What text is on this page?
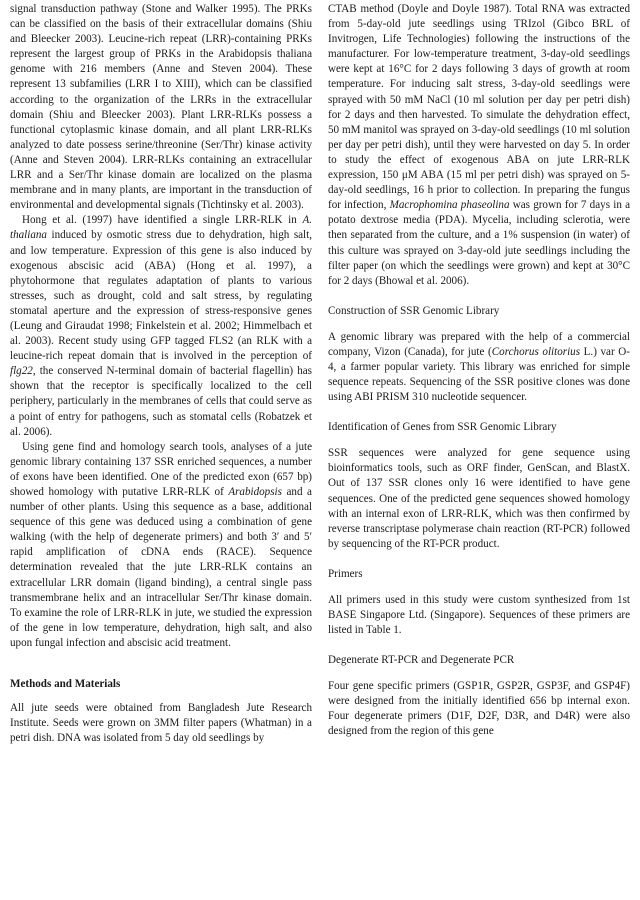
signal transduction pathway (Stone and Walker 1995). The PRKs can be classified on the basis of their extracellular domains (Shiu and Bleecker 2003). Leucine-rich repeat (LRR)-containing PRKs represent the largest group of PRKs in the Arabidopsis thaliana genome with 216 members (Anne and Steven 2004). These represent 13 subfamilies (LRR I to XIII), which can be classified according to the organization of the LRRs in the extracellular domain (Shiu and Bleecker 2003). Plant LRR-RLKs possess a functional cytoplasmic kinase domain, and all plant LRR-RLKs analyzed to date possess serine/threonine (Ser/Thr) kinase activity (Anne and Steven 2004). LRR-RLKs containing an extracellular LRR and a Ser/Thr kinase domain are localized on the plasma membrane and in many plants, are important in the transduction of environmental and developmental signals (Tichtinsky et al. 2003).

Hong et al. (1997) have identified a single LRR-RLK in A. thaliana induced by osmotic stress due to dehydration, high salt, and low temperature. Expression of this gene is also induced by exogenous abscisic acid (ABA) (Hong et al. 1997), a phytohormone that regulates adaptation of plants to various stresses, such as drought, cold and salt stress, by regulating stomatal aperture and the expression of stress-responsive genes (Leung and Giraudat 1998; Finkelstein et al. 2002; Himmelbach et al. 2003). Recent study using GFP tagged FLS2 (an RLK with a leucine-rich repeat domain that is involved in the perception of flg22, the conserved N-terminal domain of bacterial flagellin) has shown that the receptor is specifically localized to the cell periphery, particularly in the membranes of cells that could serve as a point of entry for pathogens, such as stomatal cells (Robatzek et al. 2006).

Using gene find and homology search tools, analyses of a jute genomic library containing 137 SSR enriched sequences, a number of exons have been identified. One of the predicted exon (657 bp) showed homology with putative LRR-RLK of Arabidopsis and a number of other plants. Using this sequence as a base, additional sequence of this gene was deduced using a combination of gene walking (with the help of degenerate primers) and both 3′ and 5′ rapid amplification of cDNA ends (RACE). Sequence determination revealed that the jute LRR-RLK contains an extracellular LRR domain (ligand binding), a central single pass transmembrane helix and an intracellular Ser/Thr kinase domain. To examine the role of LRR-RLK in jute, we studied the expression of the gene in low temperature, dehydration, high salt, and also upon fungal infection and abscisic acid treatment.

Methods and Materials

All jute seeds were obtained from Bangladesh Jute Research Institute. Seeds were grown on 3MM filter papers (Whatman) in a petri dish. DNA was isolated from 5 day old seedlings by

CTAB method (Doyle and Doyle 1987). Total RNA was extracted from 5-day-old jute seedlings using TRIzol (Gibco BRL of Invitrogen, Life Technologies) following the instructions of the manufacturer. For low-temperature treatment, 3-day-old seedlings were kept at 16°C for 2 days following 3 days of growth at room temperature. For inducing salt stress, 3-day-old seedlings were sprayed with 50 mM NaCl (10 ml solution per day per petri dish) for 2 days and then harvested. To simulate the dehydration effect, 50 mM manitol was sprayed on 3-day-old seedlings (10 ml solution per day per petri dish), until they were harvested on day 5. In order to study the effect of exogenous ABA on jute LRR-RLK expression, 150 μM ABA (15 ml per petri dish) was sprayed on 5-day-old seedlings, 16 h prior to collection. In preparing the fungus for infection, Macrophomina phaseolina was grown for 7 days in a potato dextrose media (PDA). Mycelia, including sclerotia, were then separated from the culture, and a 1% suspension (in water) of this culture was sprayed on 3-day-old jute seedlings including the filter paper (on which the seedlings were grown) and kept at 30°C for 2 days (Bhowal et al. 2006).

Construction of SSR Genomic Library

A genomic library was prepared with the help of a commercial company, Vizon (Canada), for jute (Corchorus olitorius L.) var O-4, a farmer popular variety. This library was enriched for simple sequence repeats. Sequencing of the SSR positive clones was done using ABI PRISM 310 nucleotide sequencer.

Identification of Genes from SSR Genomic Library

SSR sequences were analyzed for gene sequence using bioinformatics tools, such as ORF finder, GenScan, and BlastX. Out of 137 SSR clones only 16 were identified to have gene sequences. One of the predicted gene sequences showed homology with an internal exon of LRR-RLK, which was then confirmed by reverse transcriptase polymerase chain reaction (RT-PCR) followed by sequencing of the RT-PCR product.

Primers

All primers used in this study were custom synthesized from 1st BASE Singapore Ltd. (Singapore). Sequences of these primers are listed in Table 1.

Degenerate RT-PCR and Degenerate PCR

Four gene specific primers (GSP1R, GSP2R, GSP3F, and GSP4F) were designed from the initially identified 656 bp internal exon. Four degenerate primers (D1F, D2F, D3R, and D4R) were also designed from the region of this gene
